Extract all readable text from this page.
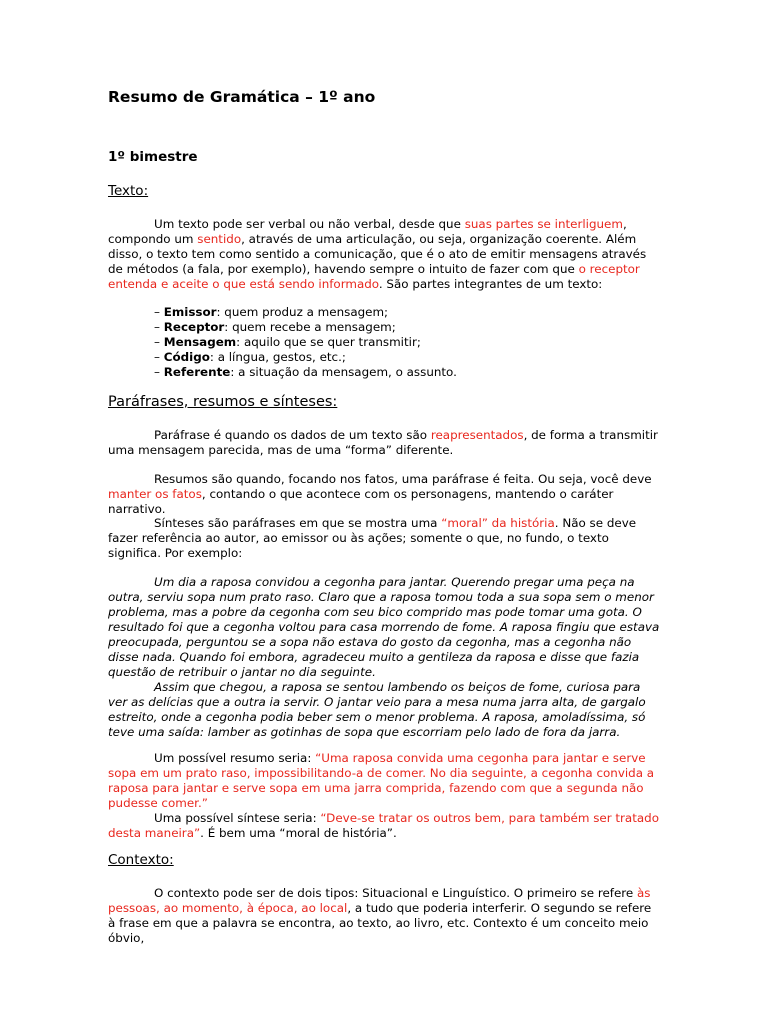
Resumo de Gramática – 1º ano
1º bimestre
Texto:

Um texto pode ser verbal ou não verbal, desde que suas partes se interliguem, compondo um sentido, através de uma articulação, ou seja, organização coerente. Além disso, o texto tem como sentido a comunicação, que é o ato de emitir mensagens através de métodos (a fala, por exemplo), havendo sempre o intuito de fazer com que o receptor entenda e aceite o que está sendo informado. São partes integrantes de um texto:

– Emissor: quem produz a mensagem;
– Receptor: quem recebe a mensagem;
– Mensagem: aquilo que se quer transmitir;
– Código: a língua, gestos, etc.;
– Referente: a situação da mensagem, o assunto.
Paráfrases, resumos e sínteses:

Paráfrase é quando os dados de um texto são reapresentados, de forma a transmitir uma mensagem parecida, mas de uma “forma” diferente.

Resumos são quando, focando nos fatos, uma paráfrase é feita. Ou seja, você deve manter os fatos, contando o que acontece com os personagens, mantendo o caráter narrativo.

Sínteses são paráfrases em que se mostra uma “moral” da história. Não se deve fazer referência ao autor, ao emissor ou às ações; somente o que, no fundo, o texto significa. Por exemplo:

Um dia a raposa convidou a cegonha para jantar. Querendo pregar uma peça na outra, serviu sopa num prato raso. Claro que a raposa tomou toda a sua sopa sem o menor problema, mas a pobre da cegonha com seu bico comprido mas pode tomar uma gota. O resultado foi que a cegonha voltou para casa morrendo de fome. A raposa fingiu que estava preocupada, perguntou se a sopa não estava do gosto da cegonha, mas a cegonha não disse nada. Quando foi embora, agradeceu muito a gentileza da raposa e disse que fazia questão de retribuir o jantar no dia seguinte.

Assim que chegou, a raposa se sentou lambendo os beiços de fome, curiosa para ver as delícias que a outra ia servir. O jantar veio para a mesa numa jarra alta, de gargalo estreito, onde a cegonha podia beber sem o menor problema. A raposa, amoladíssima, só teve uma saída: lamber as gotinhas de sopa que escorriam pelo lado de fora da jarra.

Um possível resumo seria: “Uma raposa convida uma cegonha para jantar e serve sopa em um prato raso, impossibilitando-a de comer. No dia seguinte, a cegonha convida a raposa para jantar e serve sopa em uma jarra comprida, fazendo com que a segunda não pudesse comer.”

Uma possível síntese seria: “Deve-se tratar os outros bem, para também ser tratado desta maneira”. É bem uma “moral de história”.

Contexto:

O contexto pode ser de dois tipos: Situacional e Linguístico. O primeiro se refere às pessoas, ao momento, à época, ao local, a tudo que poderia interferir. O segundo se refere à frase em que a palavra se encontra, ao texto, ao livro, etc. Contexto é um conceito meio óbvio,
